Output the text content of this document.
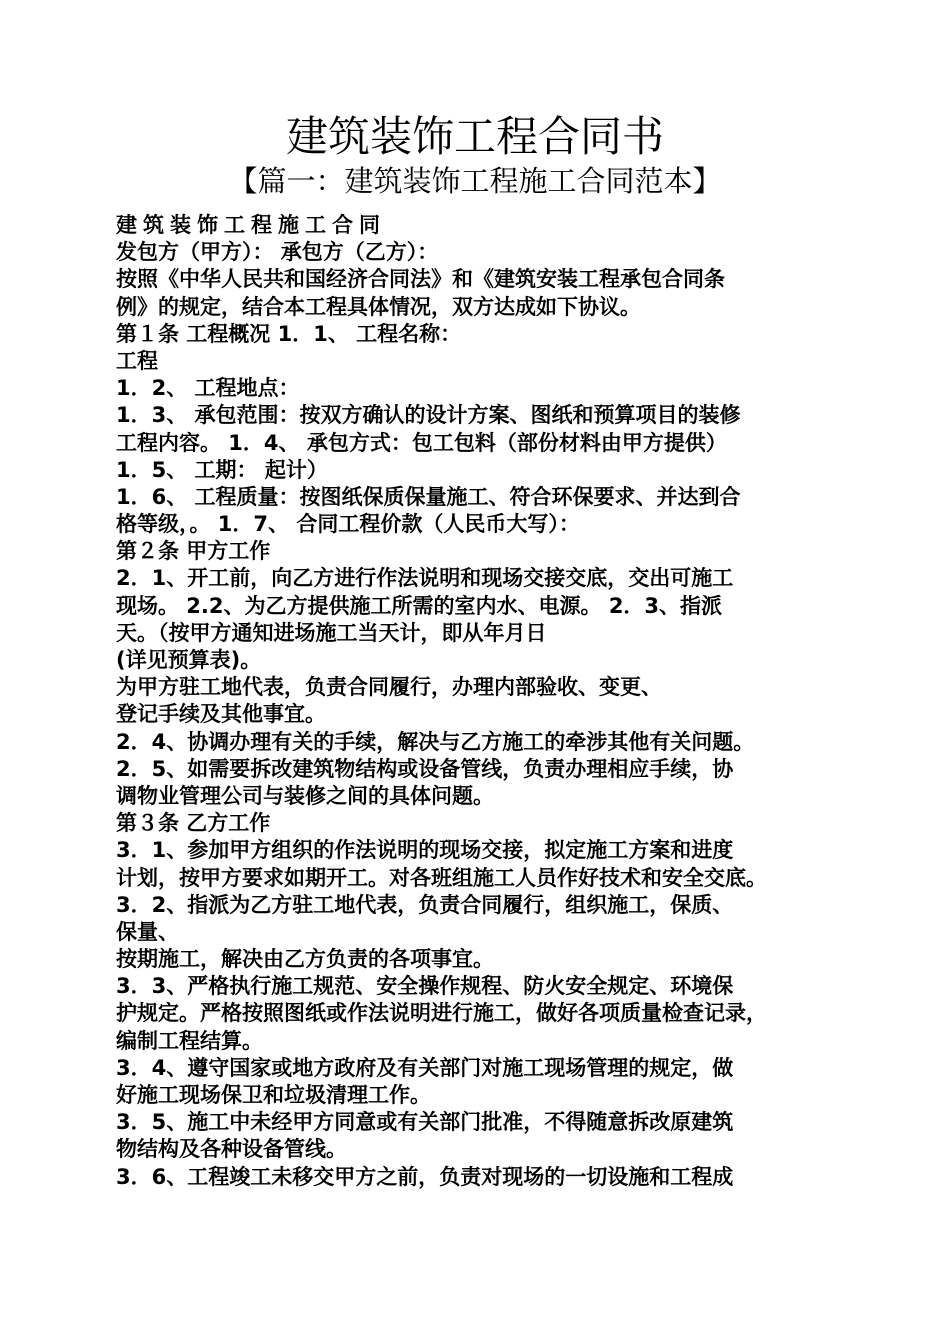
建筑装饰工程合同书
【篇一：建筑装饰工程施工合同范本】
建筑装饰工程施工合同
发包方（甲方）： 承包方（乙方）：
按照《中华人民共和国经济合同法》和《建筑安装工程承包合同条
例》的规定，结合本工程具体情况，双方达成如下协议。
第１条 工程概况 1．1、 工程名称：
工程
1．2、 工程地点：
1．3、 承包范围：按双方确认的设计方案、图纸和预算项目的装修
工程内容。 1．4、 承包方式：包工包料（部份材料由甲方提供）
1．5、 工期： 起计）
1．6、 工程质量：按图纸保质保量施工、符合环保要求、并达到合
格等级，。 1．7、 合同工程价款（人民币大写）：
第２条 甲方工作
2．1、开工前，向乙方进行作法说明和现场交接交底，交出可施工
现场。 2.2、为乙方提供施工所需的室内水、电源。 2．3、指派
天。（按甲方通知进场施工当天计，即从年月日
(详见预算表)。
为甲方驻工地代表，负责合同履行，办理内部验收、变更、
登记手续及其他事宜。
2．4、协调办理有关的手续，解决与乙方施工的牵涉其他有关问题。
2．5、如需要拆改建筑物结构或设备管线，负责办理相应手续，协
调物业管理公司与装修之间的具体问题。
第３条 乙方工作
3．1、参加甲方组织的作法说明的现场交接，拟定施工方案和进度
计划，按甲方要求如期开工。对各班组施工人员作好技术和安全交底。
3．2、指派为乙方驻工地代表，负责合同履行，组织施工，保质、
保量、
按期施工，解决由乙方负责的各项事宜。
3．3、严格执行施工规范、安全操作规程、防火安全规定、环境保
护规定。严格按照图纸或作法说明进行施工，做好各项质量检查记录，
编制工程结算。
3．4、遵守国家或地方政府及有关部门对施工现场管理的规定，做
好施工现场保卫和垃圾清理工作。
3．5、施工中未经甲方同意或有关部门批准，不得随意拆改原建筑
物结构及各种设备管线。
3．6、工程竣工未移交甲方之前，负责对现场的一切设施和工程成
